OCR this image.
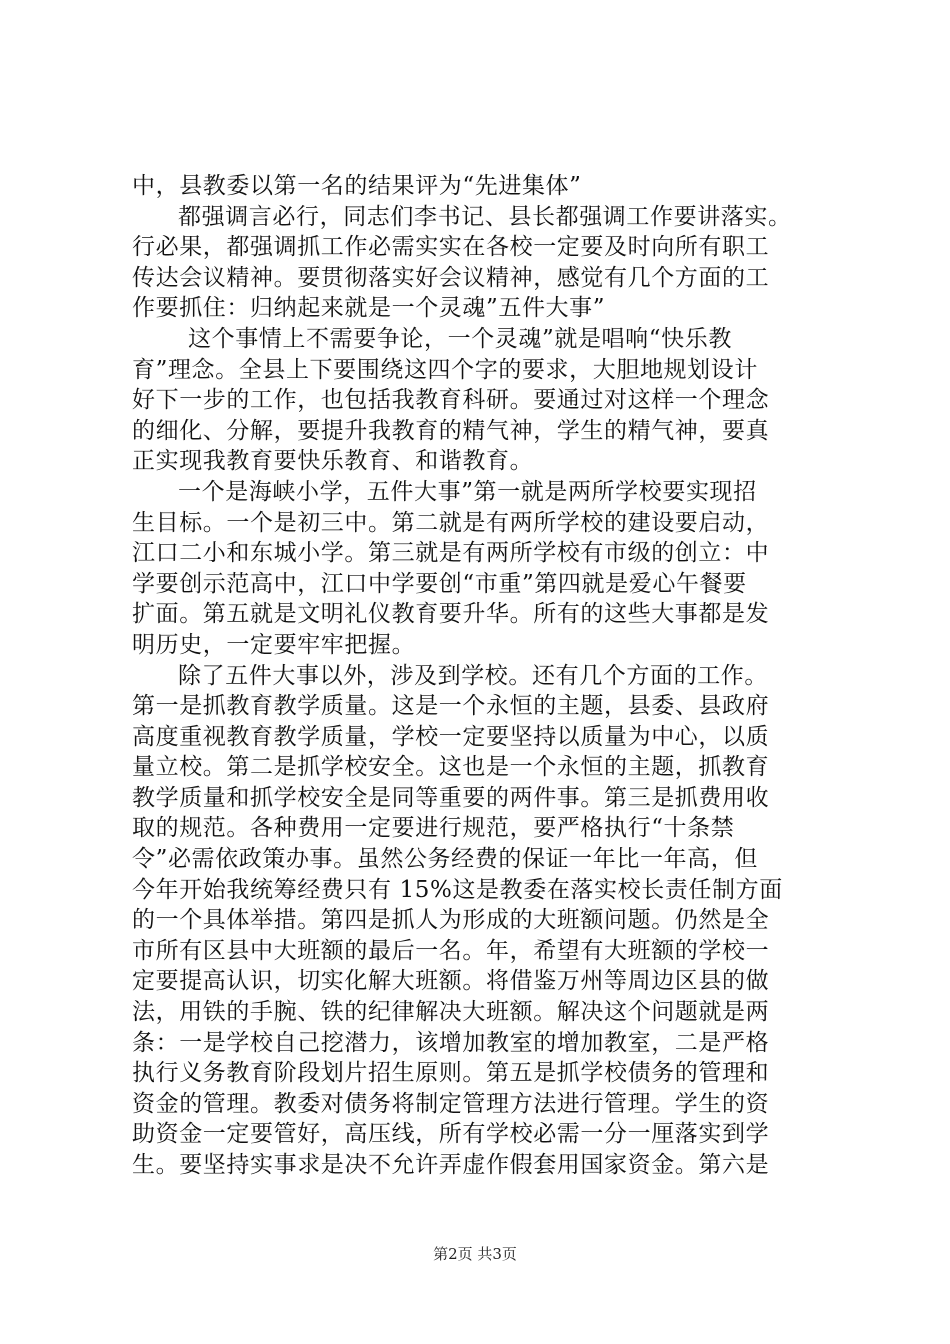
中，县教委以第一名的结果评为“先进集体”
都强调言必行，同志们李书记、县长都强调工作要讲落实。
行必果，都强调抓工作必需实实在各校一定要及时向所有职工
传达会议精神。要贯彻落实好会议精神，感觉有几个方面的工
作要抓住：归纳起来就是一个灵魂”五件大事”
这个事情上不需要争论，一个灵魂”就是唱响“快乐教
育”理念。全县上下要围绕这四个字的要求，大胆地规划设计
好下一步的工作，也包括我教育科研。要通过对这样一个理念
的细化、分解，要提升我教育的精气神，学生的精气神，要真
正实现我教育要快乐教育、和谐教育。
一个是海峡小学，五件大事”第一就是两所学校要实现招
生目标。一个是初三中。第二就是有两所学校的建设要启动，
江口二小和东城小学。第三就是有两所学校有市级的创立：中
学要创示范高中，江口中学要创“市重”第四就是爱心午餐要
扩面。第五就是文明礼仪教育要升华。所有的这些大事都是发
明历史，一定要牢牢把握。
除了五件大事以外，涉及到学校。还有几个方面的工作。
第一是抓教育教学质量。这是一个永恒的主题，县委、县政府
高度重视教育教学质量，学校一定要坚持以质量为中心，以质
量立校。第二是抓学校安全。这也是一个永恒的主题，抓教育
教学质量和抓学校安全是同等重要的两件事。第三是抓费用收
取的规范。各种费用一定要进行规范，要严格执行“十条禁
令”必需依政策办事。虽然公务经费的保证一年比一年高，但
今年开始我统筹经费只有 15%这是教委在落实校长责任制方面
的一个具体举措。第四是抓人为形成的大班额问题。仍然是全
市所有区县中大班额的最后一名。年，希望有大班额的学校一
定要提高认识，切实化解大班额。将借鉴万州等周边区县的做
法，用铁的手腕、铁的纪律解决大班额。解决这个问题就是两
条：一是学校自己挖潜力，该增加教室的增加教室，二是严格
执行义务教育阶段划片招生原则。第五是抓学校债务的管理和
资金的管理。教委对债务将制定管理方法进行管理。学生的资
助资金一定要管好，高压线，所有学校必需一分一厘落实到学
生。要坚持实事求是决不允许弄虚作假套用国家资金。第六是
第2页 共3页
